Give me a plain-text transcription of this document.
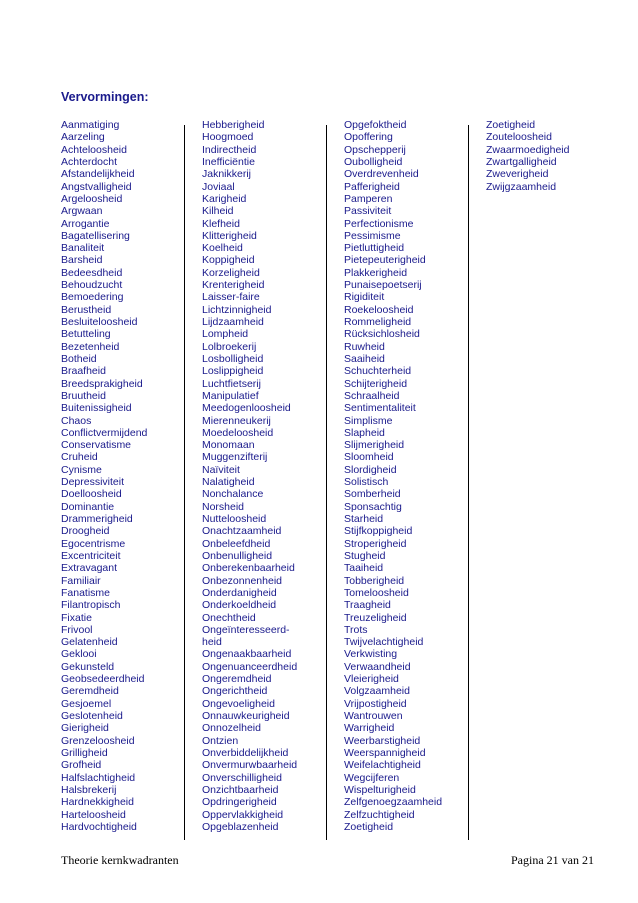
Vervormingen:
Aanmatiging
Aarzeling
Achteloosheid
Achterdocht
Afstandelijkheid
Angstvalligheid
Argeloosheid
Argwaan
Arrogantie
Bagatellisering
Banaliteit
Barsheid
Bedeesdheid
Behoudzucht
Bemoedering
Berustheid
Besluiteloosheid
Betutteling
Bezetenheid
Botheid
Braafheid
Breedsprakigheid
Bruutheid
Buitenissigheid
Chaos
Conflictvermijdend
Conservatisme
Cruheid
Cynisme
Depressiviteit
Doelloosheid
Dominantie
Drammerigheid
Droogheid
Egocentrisme
Excentriciteit
Extravagant
Familiair
Fanatisme
Filantropisch
Fixatie
Frivool
Gelatenheid
Geklooi
Gekunsteld
Geobsedeerdheid
Geremdheid
Gesjoemel
Geslotenheid
Gierigheid
Grenzeloosheid
Grilligheid
Grofheid
Halfslachtigheid
Halsbrekerij
Hardnekkigheid
Harteloosheid
Hardvochtigheid
Hebberigheid
Hoogmoed
Indirectheid
Inefficiëntie
Jaknikkerij
Joviaal
Karigheid
Kilheid
Klefheid
Klitterigheid
Koelheid
Koppigheid
Korzeligheid
Krenterigheid
Laisser-faire
Lichtzinnigheid
Lijdzaamheid
Lompheid
Lolbroekerij
Losbolligheid
Loslippigheid
Luchtfietserij
Manipulatief
Meedogenloosheid
Mierenneukerij
Moedeloosheid
Monomaan
Muggenzifterij
Naïviteit
Nalatigheid
Nonchalance
Norsheid
Nutteloosheid
Onachtzaamheid
Onbeleefdheid
Onbenulligheid
Onberekenbaarheid
Onbezonnenheid
Onderdanigheid
Onderkoeldheid
Onechtheid
Ongeïnteresseerd-
heid
Ongenaakbaarheid
Ongenuanceerdheid
Ongeremdheid
Ongerichtheid
Ongevoeligheid
Onnauwkeurigheid
Onnozelheid
Ontzien
Onverbiddelijkheid
Onvermurwbaarheid
Onverschilligheid
Onzichtbaarheid
Opdringerigheid
Oppervlakkigheid
Opgeblazenheid
Opgefoktheid
Opoffering
Opschepperij
Oubolligheid
Overdrevenheid
Pafferigheid
Pamperen
Passiviteit
Perfectionisme
Pessimisme
Pietluttigheid
Pietepeuterigheid
Plakkerigheid
Punaisepoetserij
Rigiditeit
Roekeloosheid
Rommeligheid
Rücksichlosheid
Ruwheid
Saaiheid
Schuchterheid
Schijterigheid
Schraalheid
Sentimentaliteit
Simplisme
Slapheid
Slijmerigheid
Sloomheid
Slordigheid
Solistisch
Somberheid
Sponsachtig
Starheid
Stijfkoppigheid
Stroperigheid
Stugheid
Taaiheid
Tobberigheid
Tomeloosheid
Traagheid
Treuzeligheid
Trots
Twijvelachtigheid
Verkwisting
Verwaandheid
Vleierigheid
Volgzaamheid
Vrijpostigheid
Wantrouwen
Warrigheid
Weerbarstigheid
Weerspannigheid
Weifelachtigheid
Wegcijferen
Wispelturigheid
Zelfgenoegzaamheid
Zelfzuchtigheid
Zoetigheid
Zoetigheid
Zouteloosheid
Zwaarmoedigheid
Zwartgalligheid
Zweverigheid
Zwijgzaamheid
Theorie kernkwadranten	Pagina 21 van 21
